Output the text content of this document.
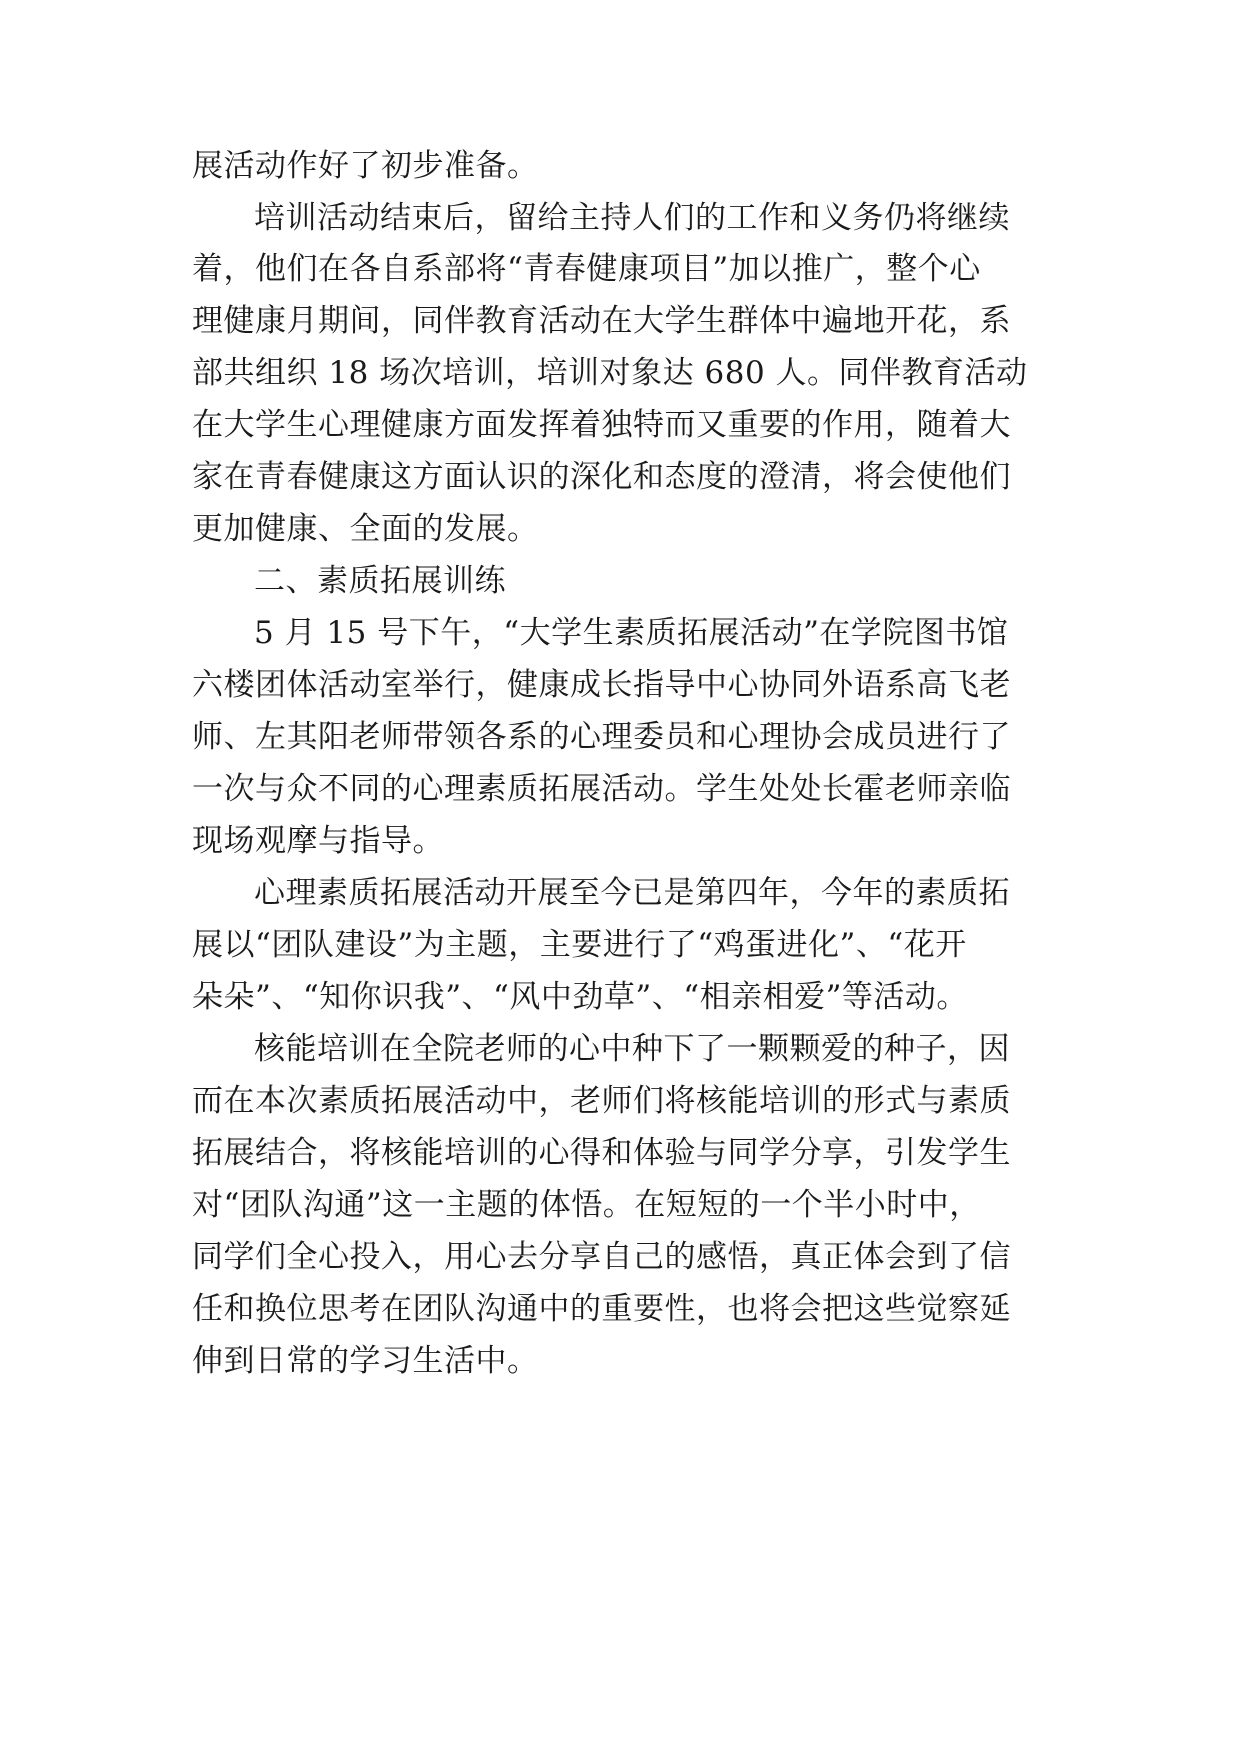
展活动作好了初步准备。
培训活动结束后，留给主持人们的工作和义务仍将继续
着，他们在各自系部将“青春健康项目”加以推广，整个心
理健康月期间，同伴教育活动在大学生群体中遍地开花，系
部共组织 18 场次培训，培训对象达 680 人。同伴教育活动
在大学生心理健康方面发挥着独特而又重要的作用，随着大
家在青春健康这方面认识的深化和态度的澄清，将会使他们
更加健康、全面的发展。
二、素质拓展训练
5 月 15 号下午，“大学生素质拓展活动”在学院图书馆
六楼团体活动室举行，健康成长指导中心协同外语系高飞老
师、左其阳老师带领各系的心理委员和心理协会成员进行了
一次与众不同的心理素质拓展活动。学生处处长霍老师亲临
现场观摩与指导。
心理素质拓展活动开展至今已是第四年，今年的素质拓
展以“团队建设”为主题，主要进行了“鸡蛋进化”、“花开
朵朵”、“知你识我”、“风中劲草”、“相亲相爱”等活动。
核能培训在全院老师的心中种下了一颗颗爱的种子，因
而在本次素质拓展活动中，老师们将核能培训的形式与素质
拓展结合，将核能培训的心得和体验与同学分享，引发学生
对“团队沟通”这一主题的体悟。在短短的一个半小时中，
同学们全心投入，用心去分享自己的感悟，真正体会到了信
任和换位思考在团队沟通中的重要性，也将会把这些觉察延
伸到日常的学习生活中。
